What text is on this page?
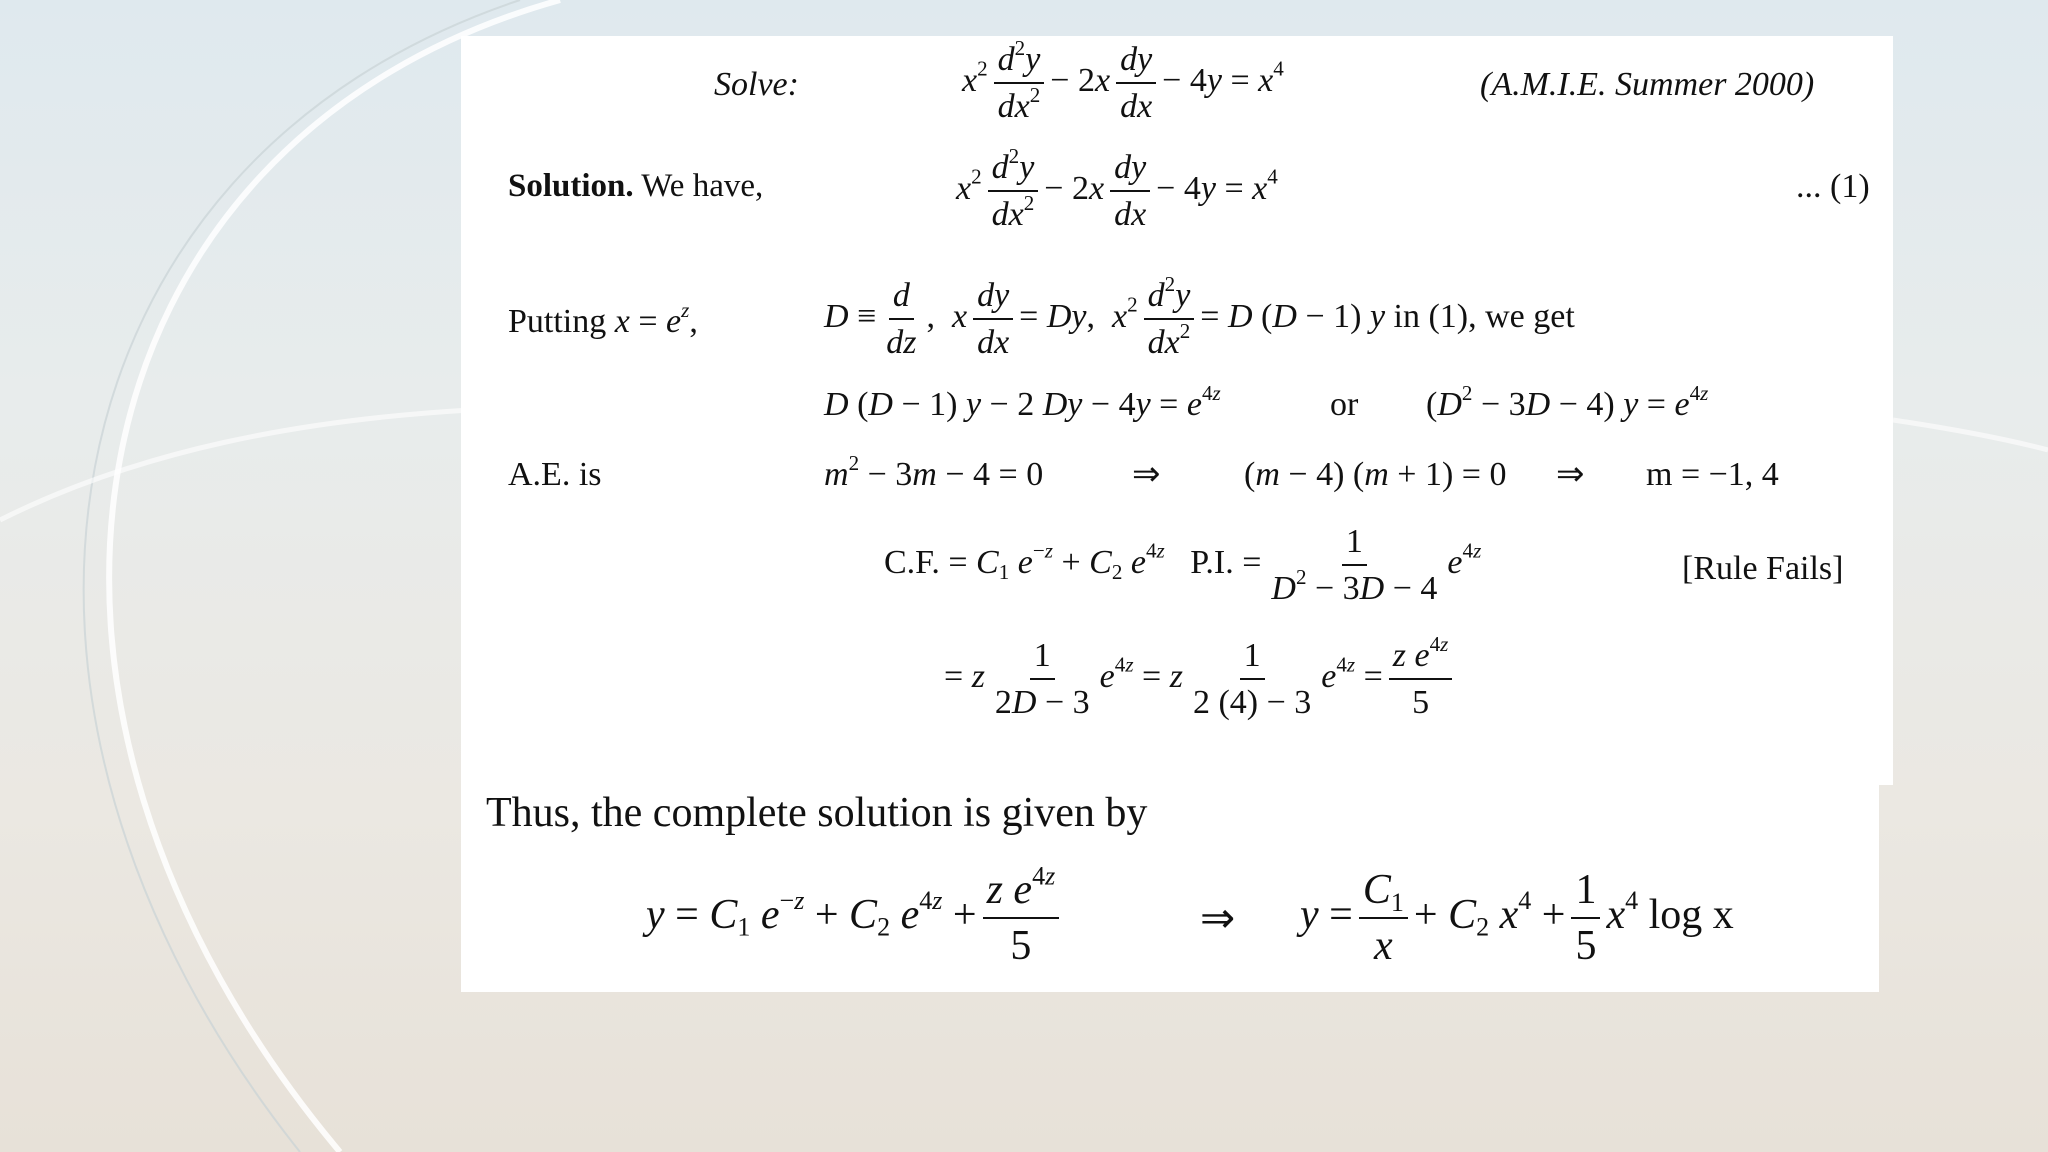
Solve:	$x^2 \frac{d^2y}{dx^2} - 2x \frac{dy}{dx} - 4y = x^4$	(A.M.I.E. Summer 2000)
Solution. We have,	$x^2 \frac{d^2y}{dx^2} - 2x \frac{dy}{dx} - 4y = x^4$	... (1)
Putting $x = e^z$,	$D \equiv \frac{d}{dz}$ ,  x $\frac{dy}{dx} = Dy$,  $x^2 \frac{d^2y}{dx^2} = D$ (D − 1) y in (1), we get
D (D − 1) y − 2 $Dy - 4y = e^{4z}$	or $(D^2 - 3D - 4) y = e^{4z}$
A.E. is	$m^2 - 3m - 4 = 0$	⇒ (m − 4) (m + 1) = 0 ⇒ m = −1, 4
C.F. = $C_1$ $e^{-z} + C_2$ $e^{4z}$ P.I. = $\frac{1}{D^2 - 3D - 4} e^{4z}$	[Rule Fails]
= z $\frac{1}{2D - 3} e^{4z} = z \frac{1}{2 (4) - 3} e^{4z} = \frac{z e^{4z}}{5}$
Thus, the complete solution is given by
$y = C_1$ $e^{-z} + C_2$ $e^{4z} + \frac{z e^{4z}}{5}$	⇒ $y = \frac{C_1}{x} + C_2$ $x^4 + \frac{1}{5} x^4$ log x
